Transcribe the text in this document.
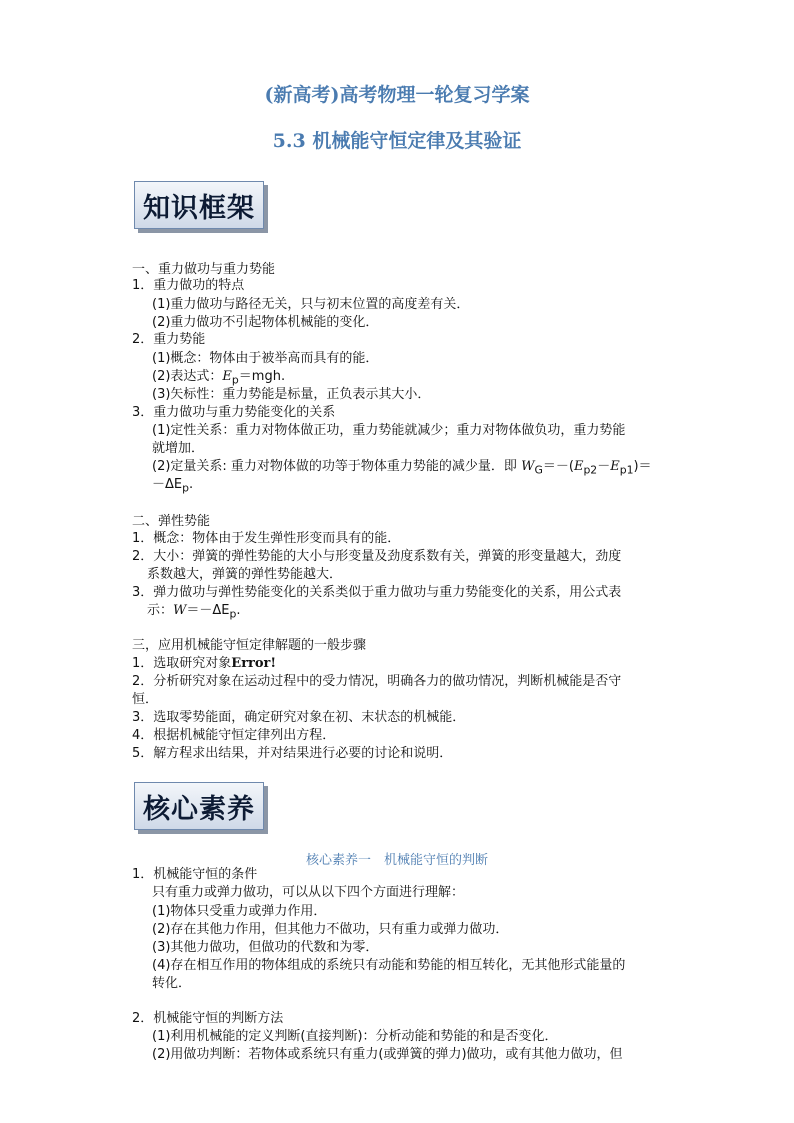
(新高考)高考物理一轮复习学案
5.3 机械能守恒定律及其验证
知识框架
一、重力做功与重力势能
1．重力做功的特点
(1)重力做功与路径无关，只与初末位置的高度差有关．
(2)重力做功不引起物体机械能的变化．
2．重力势能
(1)概念：物体由于被举高而具有的能．
(2)表达式：$E_p=mgh$.
(3)矢标性：重力势能是标量，正负表示其大小．
3．重力做功与重力势能变化的关系
(1)定性关系：重力对物体做正功，重力势能就减少；重力对物体做负功，重力势能
就增加．
(2)定量关系: 重力对物体做的功等于物体重力势能的减少量．即 $W_G=-(E_{p2}-E_{p1})=$
$-\Delta E_p$.
二、弹性势能
1．概念：物体由于发生弹性形变而具有的能．
2．大小：弹簧的弹性势能的大小与形变量及劲度系数有关，弹簧的形变量越大，劲度
系数越大，弹簧的弹性势能越大．
3．弹力做功与弹性势能变化的关系类似于重力做功与重力势能变化的关系，用公式表
示：$W=-\Delta E_p$.
三，应用机械能守恒定律解题的一般步骤
1．选取研究对象Error!
2．分析研究对象在运动过程中的受力情况，明确各力的做功情况，判断机械能是否守
恒．
3．选取零势能面，确定研究对象在初、末状态的机械能．
4．根据机械能守恒定律列出方程．
5．解方程求出结果，并对结果进行必要的讨论和说明．
核心素养
核心素养一　机械能守恒的判断
1．机械能守恒的条件
只有重力或弹力做功，可以从以下四个方面进行理解：
(1)物体只受重力或弹力作用．
(2)存在其他力作用，但其他力不做功，只有重力或弹力做功．
(3)其他力做功，但做功的代数和为零．
(4)存在相互作用的物体组成的系统只有动能和势能的相互转化，无其他形式能量的
转化．
2．机械能守恒的判断方法
(1)利用机械能的定义判断(直接判断)：分析动能和势能的和是否变化．
(2)用做功判断：若物体或系统只有重力(或弹簧的弹力)做功，或有其他力做功，但
